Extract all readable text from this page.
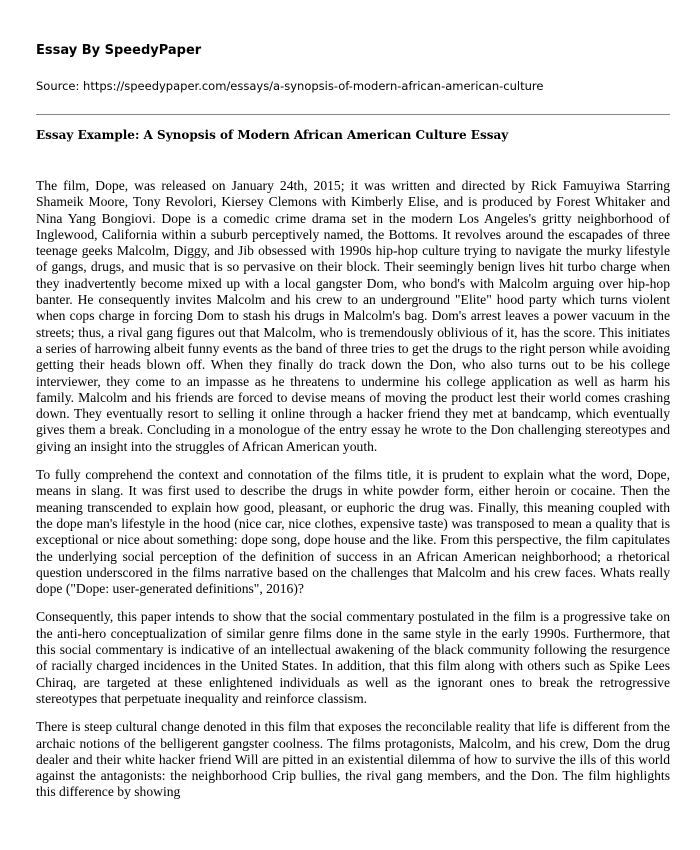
Essay By SpeedyPaper

Source: https://speedypaper.com/essays/a-synopsis-of-modern-african-american-culture

Essay Example: A Synopsis of Modern African American Culture Essay

The film, Dope, was released on January 24th, 2015; it was written and directed by Rick Famuyiwa Starring Shameik Moore, Tony Revolori, Kiersey Clemons with Kimberly Elise, and is produced by Forest Whitaker and Nina Yang Bongiovi. Dope is a comedic crime drama set in the modern Los Angeles's gritty neighborhood of Inglewood, California within a suburb perceptively named, the Bottoms. It revolves around the escapades of three teenage geeks Malcolm, Diggy, and Jib obsessed with 1990s hip-hop culture trying to navigate the murky lifestyle of gangs, drugs, and music that is so pervasive on their block. Their seemingly benign lives hit turbo charge when they inadvertently become mixed up with a local gangster Dom, who bond's with Malcolm arguing over hip-hop banter. He consequently invites Malcolm and his crew to an underground "Elite" hood party which turns violent when cops charge in forcing Dom to stash his drugs in Malcolm's bag. Dom's arrest leaves a power vacuum in the streets; thus, a rival gang figures out that Malcolm, who is tremendously oblivious of it, has the score. This initiates a series of harrowing albeit funny events as the band of three tries to get the drugs to the right person while avoiding getting their heads blown off. When they finally do track down the Don, who also turns out to be his college interviewer, they come to an impasse as he threatens to undermine his college application as well as harm his family. Malcolm and his friends are forced to devise means of moving the product lest their world comes crashing down. They eventually resort to selling it online through a hacker friend they met at bandcamp, which eventually gives them a break. Concluding in a monologue of the entry essay he wrote to the Don challenging stereotypes and giving an insight into the struggles of African American youth.

To fully comprehend the context and connotation of the films title, it is prudent to explain what the word, Dope, means in slang. It was first used to describe the drugs in white powder form, either heroin or cocaine. Then the meaning transcended to explain how good, pleasant, or euphoric the drug was. Finally, this meaning coupled with the dope man's lifestyle in the hood (nice car, nice clothes, expensive taste) was transposed to mean a quality that is exceptional or nice about something: dope song, dope house and the like. From this perspective, the film capitulates the underlying social perception of the definition of success in an African American neighborhood; a rhetorical question underscored in the films narrative based on the challenges that Malcolm and his crew faces. Whats really dope ("Dope: user-generated definitions", 2016)?

Consequently, this paper intends to show that the social commentary postulated in the film is a progressive take on the anti-hero conceptualization of similar genre films done in the same style in the early 1990s. Furthermore, that this social commentary is indicative of an intellectual awakening of the black community following the resurgence of racially charged incidences in the United States. In addition, that this film along with others such as Spike Lees Chiraq, are targeted at these enlightened individuals as well as the ignorant ones to break the retrogressive stereotypes that perpetuate inequality and reinforce classism.

There is steep cultural change denoted in this film that exposes the reconcilable reality that life is different from the archaic notions of the belligerent gangster coolness. The films protagonists, Malcolm, and his crew, Dom the drug dealer and their white hacker friend Will are pitted in an existential dilemma of how to survive the ills of this world against the antagonists: the neighborhood Crip bullies, the rival gang members, and the Don. The film highlights this difference by showing
